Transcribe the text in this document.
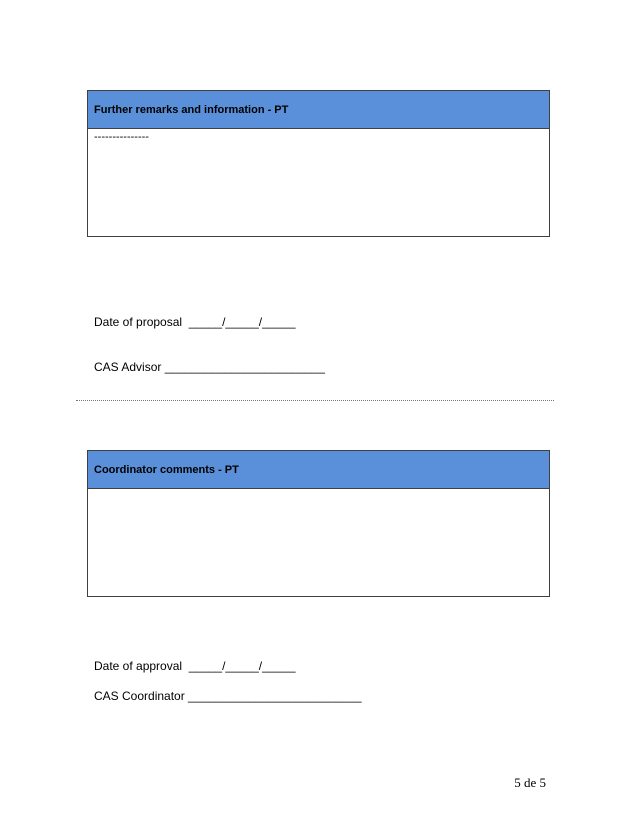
Further remarks and information - PT
---------------
Date of proposal  _____/_____/_____
CAS Advisor ________________________
Coordinator comments - PT
Date of approval  _____/_____/_____
CAS Coordinator __________________________
5 de 5
